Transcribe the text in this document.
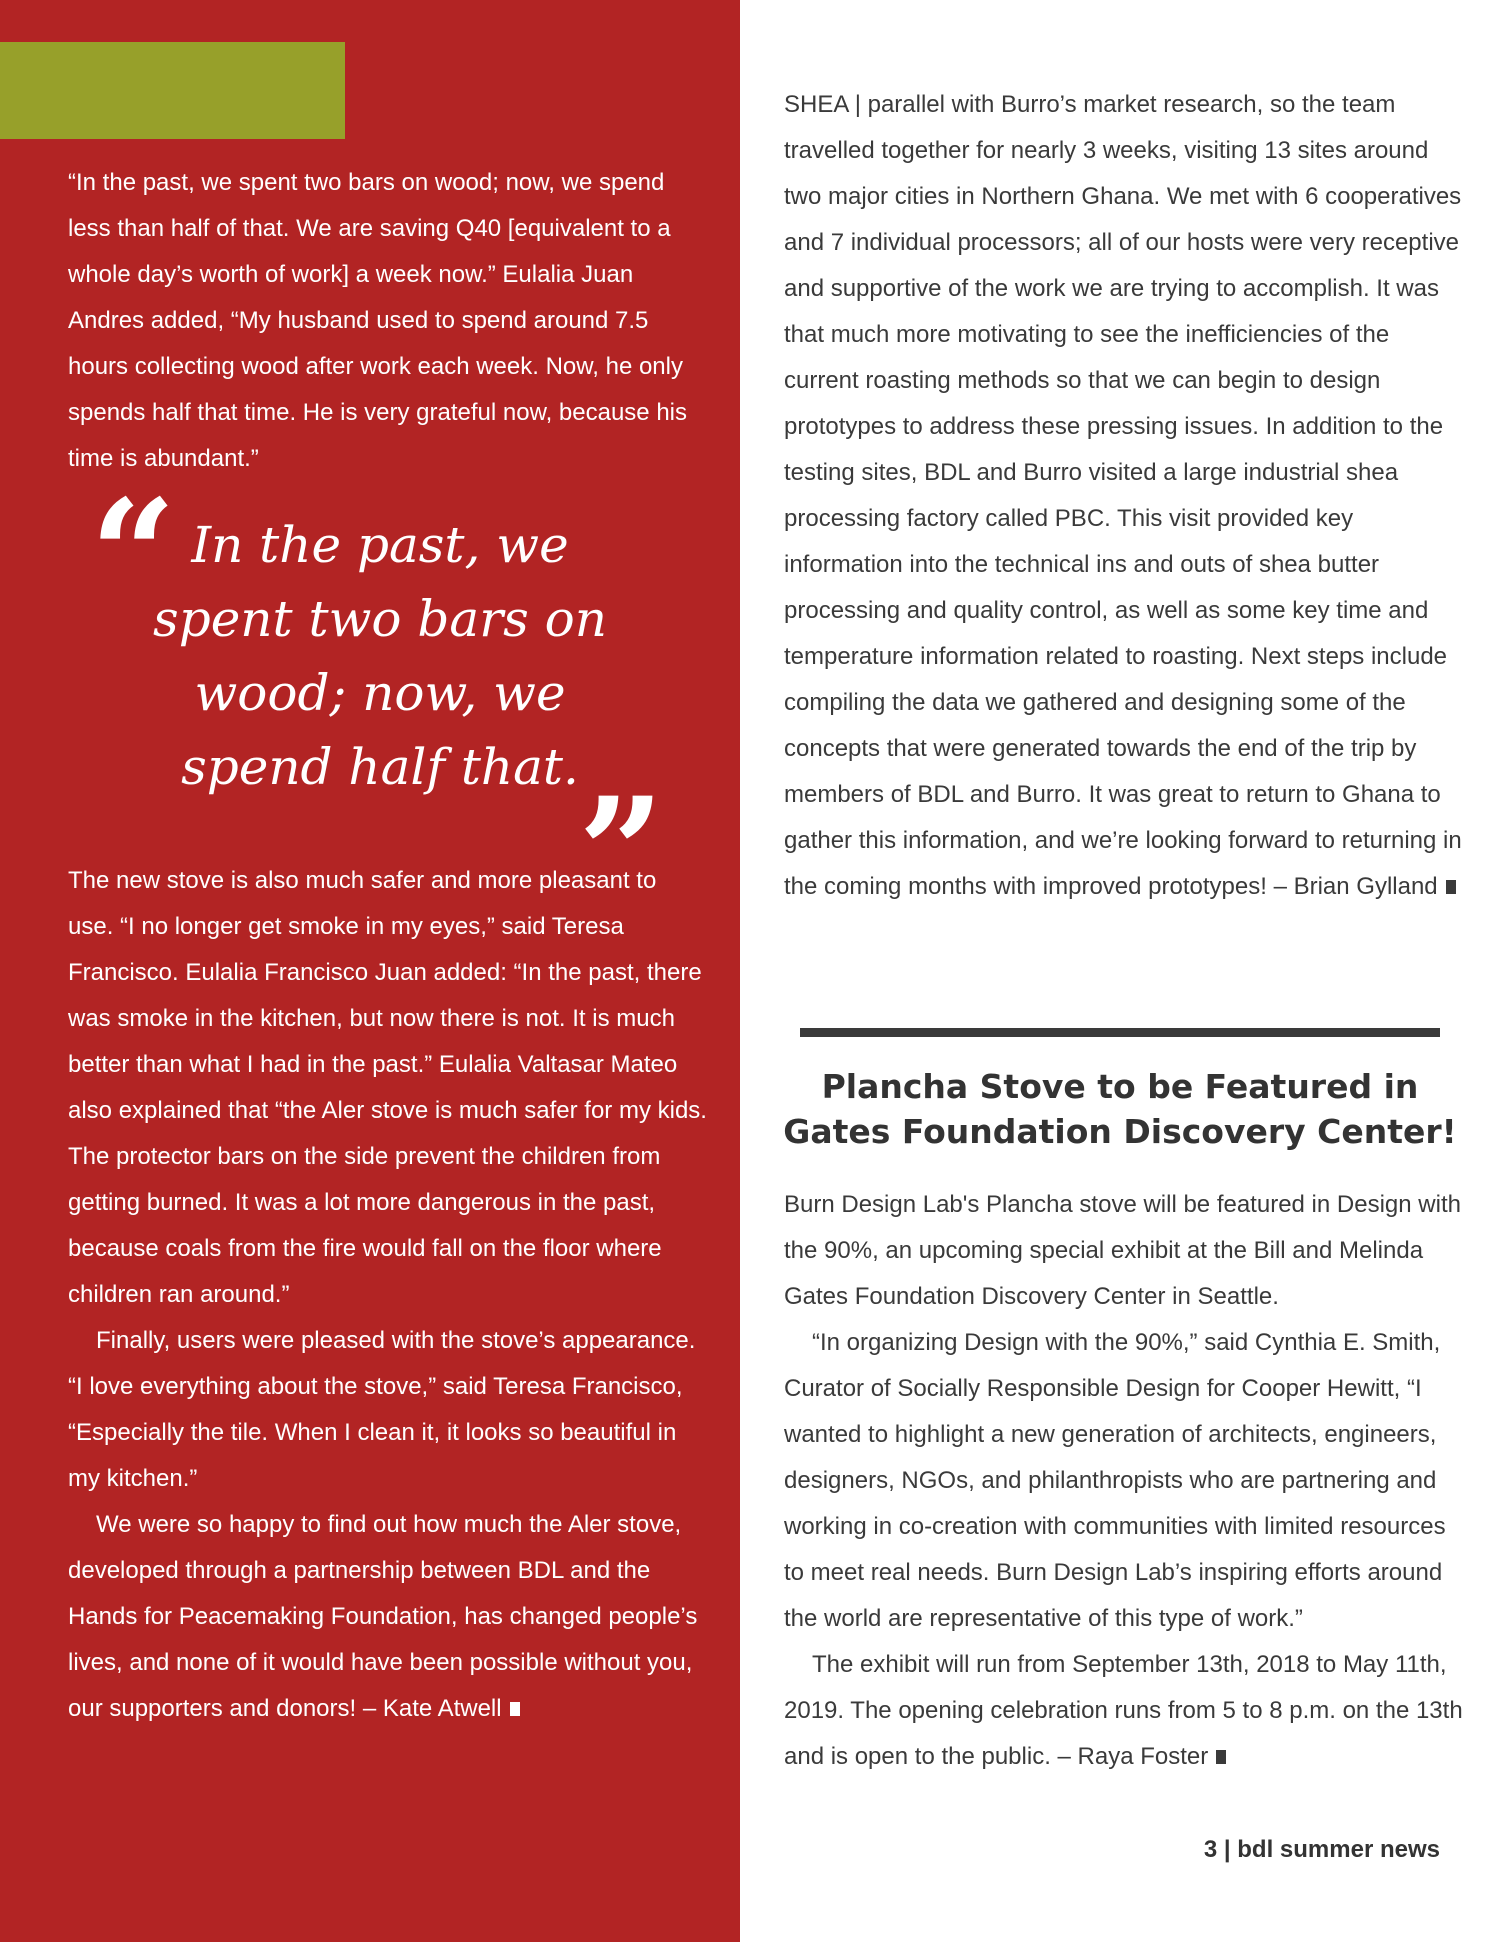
“In the past, we spent two bars on wood; now, we spend less than half of that. We are saving Q40 [equivalent to a whole day’s worth of work] a week now.” Eulalia Juan Andres added, “My husband used to spend around 7.5 hours collecting wood after work each week. Now, he only spends half that time. He is very grateful now, because his time is abundant.”

“ In the past, we spent two bars on wood; now, we spend half that. ”

The new stove is also much safer and more pleasant to use. “I no longer get smoke in my eyes,” said Teresa Francisco. Eulalia Francisco Juan added: “In the past, there was smoke in the kitchen, but now there is not. It is much better than what I had in the past.” Eulalia Valtasar Mateo also explained that “the Aler stove is much safer for my kids. The protector bars on the side prevent the children from getting burned. It was a lot more dangerous in the past, because coals from the fire would fall on the floor where children ran around.”

Finally, users were pleased with the stove’s appearance. “I love everything about the stove,” said Teresa Francisco, “Especially the tile. When I clean it, it looks so beautiful in my kitchen.”

We were so happy to find out how much the Aler stove, developed through a partnership between BDL and the Hands for Peacemaking Foundation, has changed people’s lives, and none of it would have been possible without you, our supporters and donors! – Kate Atwell

SHEA | parallel with Burro’s market research, so the team travelled together for nearly 3 weeks, visiting 13 sites around two major cities in Northern Ghana. We met with 6 cooperatives and 7 individual processors; all of our hosts were very receptive and supportive of the work we are trying to accomplish. It was that much more motivating to see the inefficiencies of the current roasting methods so that we can begin to design prototypes to address these pressing issues. In addition to the testing sites, BDL and Burro visited a large industrial shea processing factory called PBC. This visit provided key information into the technical ins and outs of shea butter processing and quality control, as well as some key time and temperature information related to roasting. Next steps include compiling the data we gathered and designing some of the concepts that were generated towards the end of the trip by members of BDL and Burro. It was great to return to Ghana to gather this information, and we’re looking forward to returning in the coming months with improved prototypes! – Brian Gylland

Plancha Stove to be Featured in Gates Foundation Discovery Center!

Burn Design Lab's Plancha stove will be featured in Design with the 90%, an upcoming special exhibit at the Bill and Melinda Gates Foundation Discovery Center in Seattle.

“In organizing Design with the 90%,” said Cynthia E. Smith, Curator of Socially Responsible Design for Cooper Hewitt, “I wanted to highlight a new generation of architects, engineers, designers, NGOs, and philanthropists who are partnering and working in co-creation with communities with limited resources to meet real needs. Burn Design Lab’s inspiring efforts around the world are representative of this type of work.”

The exhibit will run from September 13th, 2018 to May 11th, 2019. The opening celebration runs from 5 to 8 p.m. on the 13th and is open to the public. – Raya Foster

3 | bdl summer news
